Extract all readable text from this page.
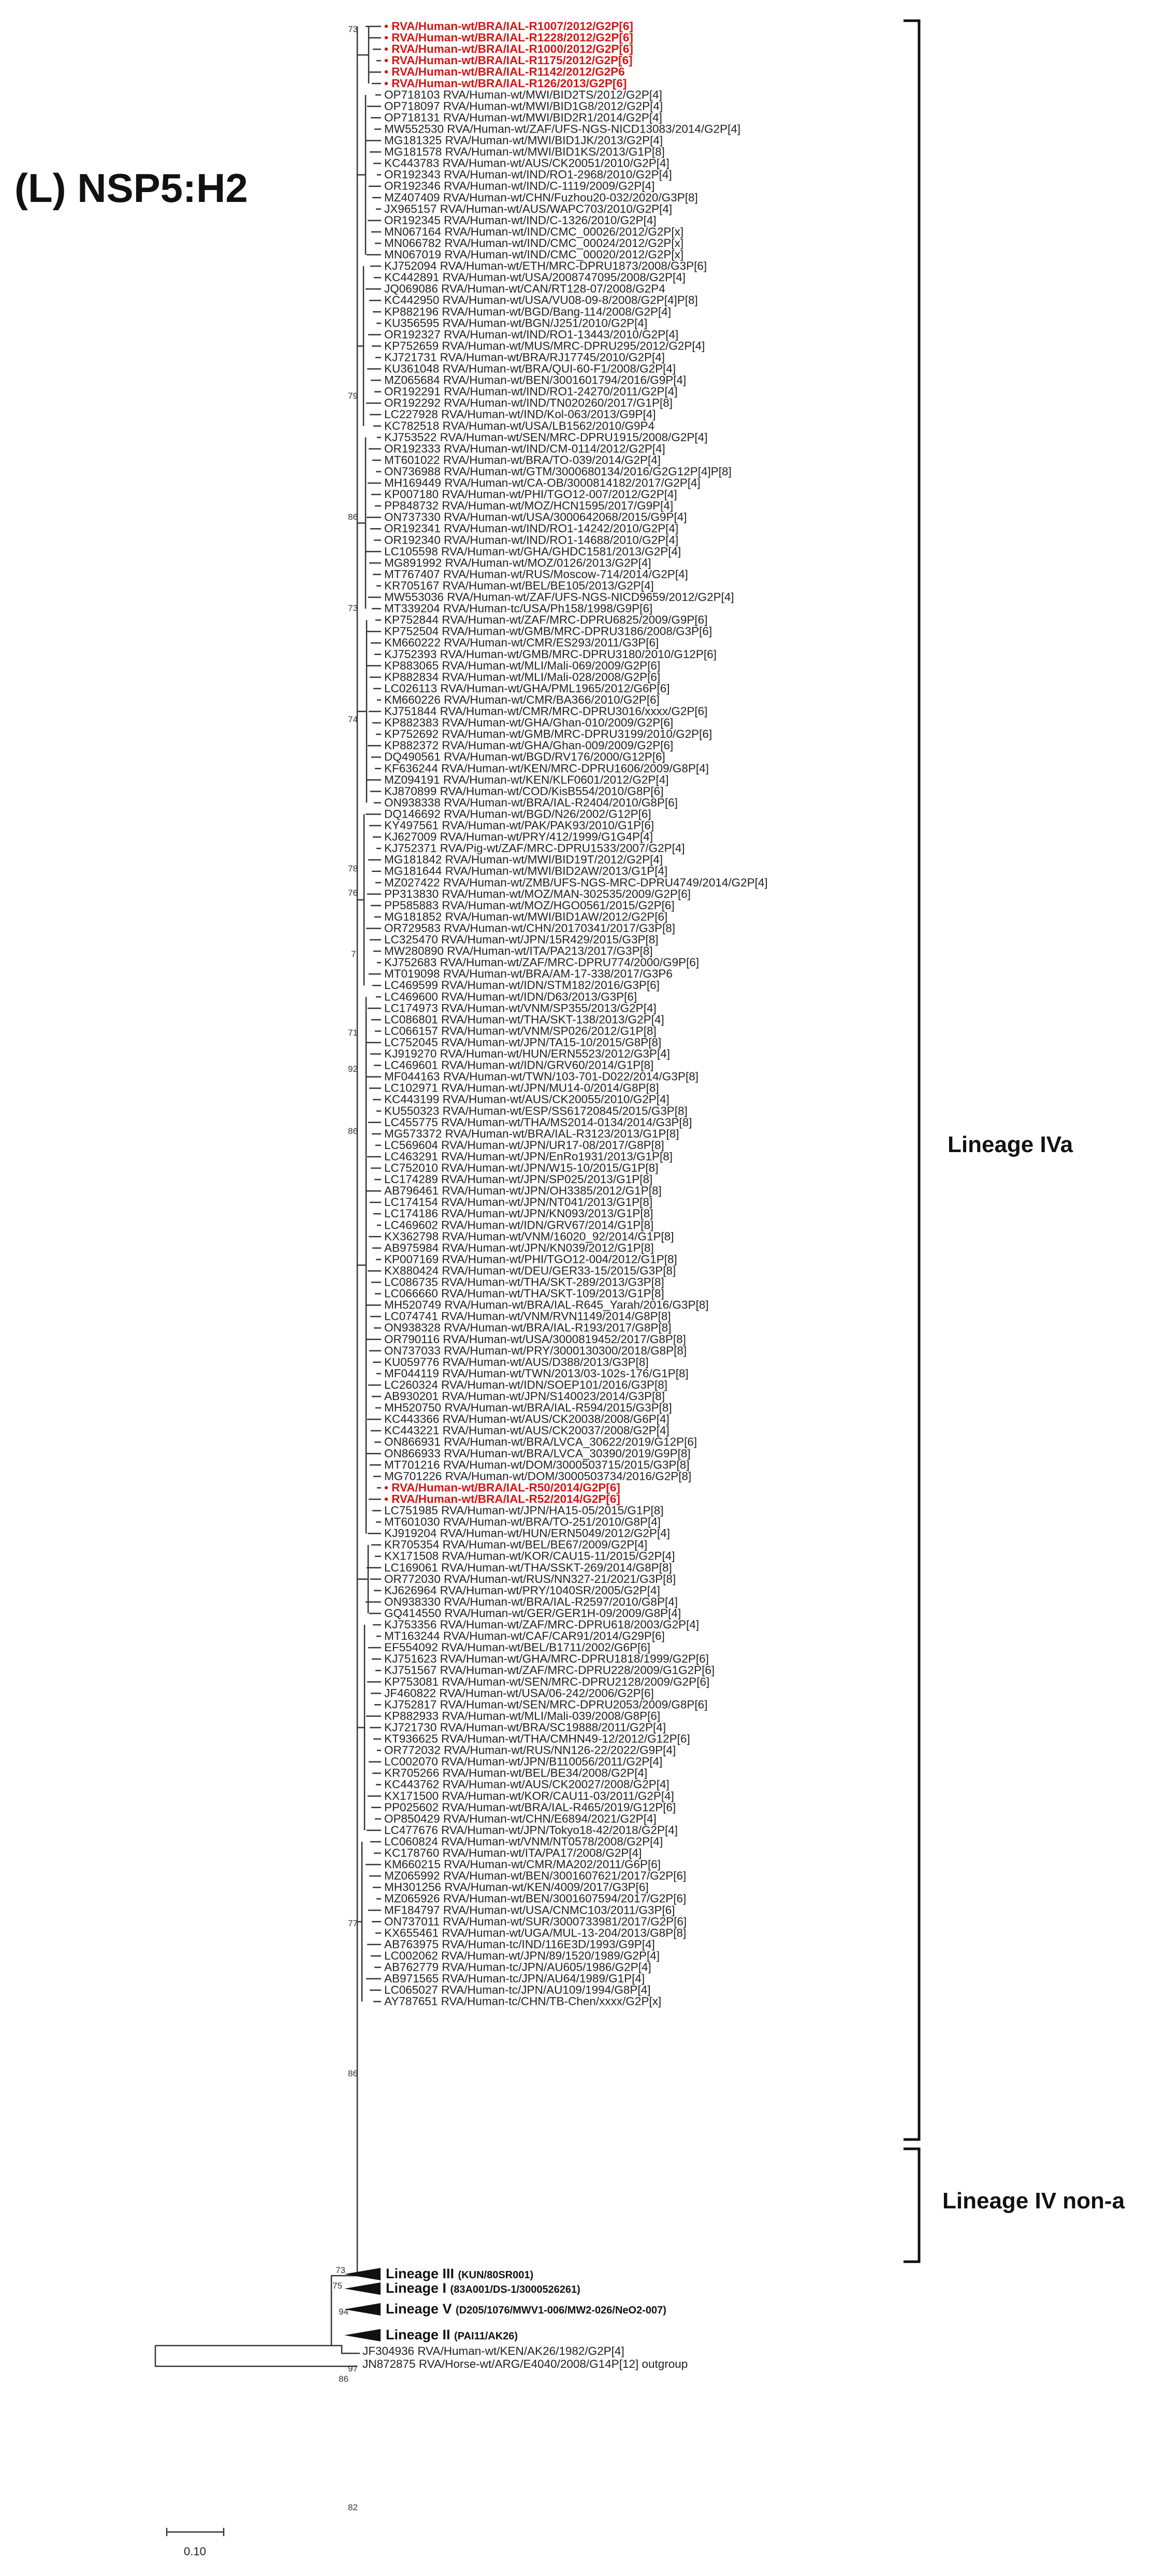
(L) NSP5:H2
• RVA/Human-wt/BRA/IAL-R1007/2012/G2P[6]
• RVA/Human-wt/BRA/IAL-R1228/2012/G2P[6]
• RVA/Human-wt/BRA/IAL-R1000/2012/G2P[6]
• RVA/Human-wt/BRA/IAL-R1175/2012/G2P[6]
• RVA/Human-wt/BRA/IAL-R1142/2012/G2P6
• RVA/Human-wt/BRA/IAL-R126/2013/G2P[6]
OP718103 RVA/Human-wt/MWI/BID2TS/2012/G2P[4]
OP718097 RVA/Human-wt/MWI/BID1G8/2012/G2P[4]
OP718131 RVA/Human-wt/MWI/BID2R1/2014/G2P[4]
MW552530 RVA/Human-wt/ZAF/UFS-NGS-NICD13083/2014/G2P[4]
MG181325 RVA/Human-wt/MWI/BID1JK/2013/G2P[4]
MG181578 RVA/Human-wt/MWI/BID1KS/2013/G1P[8]
KC443783 RVA/Human-wt/AUS/CK20051/2010/G2P[4]
OR192343 RVA/Human-wt/IND/RO1-2968/2010/G2P[4]
OR192346 RVA/Human-wt/IND/C-1119/2009/G2P[4]
MZ407409 RVA/Human-wt/CHN/Fuzhou20-032/2020/G3P[8]
JX965157 RVA/Human-wt/AUS/WAPC703/2010/G2P[4]
OR192345 RVA/Human-wt/IND/C-1326/2010/G2P[4]
MN067164 RVA/Human-wt/IND/CMC_00026/2012/G2P[x]
MN066782 RVA/Human-wt/IND/CMC_00024/2012/G2P[x]
MN067019 RVA/Human-wt/IND/CMC_00020/2012/G2P[x]
KJ752094 RVA/Human-wt/ETH/MRC-DPRU1873/2008/G3P[6]
KC442891 RVA/Human-wt/USA/2008747095/2008/G2P[4]
JQ069086 RVA/Human-wt/CAN/RT128-07/2008/G2P4
KC442950 RVA/Human-wt/USA/VU08-09-8/2008/G2P[4]P[8]
KP882196 RVA/Human-wt/BGD/Bang-114/2008/G2P[4]
KU356595 RVA/Human-wt/BGN/J251/2010/G2P[4]
OR192327 RVA/Human-wt/IND/RO1-13443/2010/G2P[4]
KP752659 RVA/Human-wt/MUS/MRC-DPRU295/2012/G2P[4]
KJ721731 RVA/Human-wt/BRA/RJ17745/2010/G2P[4]
KU361048 RVA/Human-wt/BRA/QUI-60-F1/2008/G2P[4]
MZ065684 RVA/Human-wt/BEN/3001601794/2016/G9P[4]
OR192291 RVA/Human-wt/IND/RO1-24270/2011/G2P[4]
OR192292 RVA/Human-wt/IND/TN020260/2017/G1P[8]
LC227928 RVA/Human-wt/IND/Kol-063/2013/G9P[4]
KC782518 RVA/Human-wt/USA/LB1562/2010/G9P4
KJ753522 RVA/Human-wt/SEN/MRC-DPRU1915/2008/G2P[4]
OR192333 RVA/Human-wt/IND/CM-0114/2012/G2P[4]
MT601022 RVA/Human-wt/BRA/TO-039/2014/G2P[4]
ON736988 RVA/Human-wt/GTM/3000680134/2016/G2G12P[4]P[8]
MH169449 RVA/Human-wt/CA-OB/3000814182/2017/G2P[4]
KP007180 RVA/Human-wt/PHI/TGO12-007/2012/G2P[4]
PP848732 RVA/Human-wt/MOZ/HCN1595/2017/G9P[4]
ON737330 RVA/Human-wt/USA/3000642068/2015/G9P[4]
OR192341 RVA/Human-wt/IND/RO1-14242/2010/G2P[4]
OR192340 RVA/Human-wt/IND/RO1-14688/2010/G2P[4]
LC105598 RVA/Human-wt/GHA/GHDC1581/2013/G2P[4]
MG891992 RVA/Human-wt/MOZ/0126/2013/G2P[4]
MT767407 RVA/Human-wt/RUS/Moscow-714/2014/G2P[4]
KR705167 RVA/Human-wt/BEL/BE105/2013/G2P[4]
MW553036 RVA/Human-wt/ZAF/UFS-NGS-NICD9659/2012/G2P[4]
MT339204 RVA/Human-tc/USA/Ph158/1998/G9P[6]
KP752844 RVA/Human-wt/ZAF/MRC-DPRU6825/2009/G9P[6]
KP752504 RVA/Human-wt/GMB/MRC-DPRU3186/2008/G3P[6]
KM660222 RVA/Human-wt/CMR/ES293/2011/G3P[6]
KJ752393 RVA/Human-wt/GMB/MRC-DPRU3180/2010/G12P[6]
KP883065 RVA/Human-wt/MLI/Mali-069/2009/G2P[6]
KP882834 RVA/Human-wt/MLI/Mali-028/2008/G2P[6]
LC026113 RVA/Human-wt/GHA/PML1965/2012/G6P[6]
KM660226 RVA/Human-wt/CMR/BA366/2010/G2P[6]
KJ751844 RVA/Human-wt/CMR/MRC-DPRU3016/xxxx/G2P[6]
KP882383 RVA/Human-wt/GHA/Ghan-010/2009/G2P[6]
KP752692 RVA/Human-wt/GMB/MRC-DPRU3199/2010/G2P[6]
KP882372 RVA/Human-wt/GHA/Ghan-009/2009/G2P[6]
DQ490561 RVA/Human-wt/BGD/RV176/2000/G12P[6]
KF636244 RVA/Human-wt/KEN/MRC-DPRU1606/2009/G8P[4]
MZ094191 RVA/Human-wt/KEN/KLF0601/2012/G2P[4]
KJ870899 RVA/Human-wt/COD/KisB554/2010/G8P[6]
ON938338 RVA/Human-wt/BRA/IAL-R2404/2010/G8P[6]
DQ146692 RVA/Human-wt/BGD/N26/2002/G12P[6]
KY497561 RVA/Human-wt/PAK/PAK93/2010/G1P[6]
KJ627009 RVA/Human-wt/PRY/412/1999/G1G4P[4]
KJ752371 RVA/Pig-wt/ZAF/MRC-DPRU1533/2007/G2P[4]
MG181842 RVA/Human-wt/MWI/BID19T/2012/G2P[4]
MG181644 RVA/Human-wt/MWI/BID2AW/2013/G1P[4]
MZ027422 RVA/Human-wt/ZMB/UFS-NGS-MRC-DPRU4749/2014/G2P[4]
PP313830 RVA/Human-wt/MOZ/MAN-302535/2009/G2P[6]
PP585883 RVA/Human-wt/MOZ/HGO0561/2015/G2P[6]
MG181852 RVA/Human-wt/MWI/BID1AW/2012/G2P[6]
OR729583 RVA/Human-wt/CHN/20170341/2017/G3P[8]
LC325470 RVA/Human-wt/JPN/15R429/2015/G3P[8]
MW280890 RVA/Human-wt/ITA/PA213/2017/G3P[8]
KJ752683 RVA/Human-wt/ZAF/MRC-DPRU774/2000/G9P[6]
MT019098 RVA/Human-wt/BRA/AM-17-338/2017/G3P6
LC469599 RVA/Human-wt/IDN/STM182/2016/G3P[6]
LC469600 RVA/Human-wt/IDN/D63/2013/G3P[6]
LC174973 RVA/Human-wt/VNM/SP355/2013/G2P[4]
LC086801 RVA/Human-wt/THA/SKT-138/2013/G2P[4]
LC066157 RVA/Human-wt/VNM/SP026/2012/G1P[8]
LC752045 RVA/Human-wt/JPN/TA15-10/2015/G8P[8]
KJ919270 RVA/Human-wt/HUN/ERN5523/2012/G3P[4]
LC469601 RVA/Human-wt/IDN/GRV60/2014/G1P[8]
MF044163 RVA/Human-wt/TWN/103-701-D022/2014/G3P[8]
LC102971 RVA/Human-wt/JPN/MU14-0/2014/G8P[8]
KC443199 RVA/Human-wt/AUS/CK20055/2010/G2P[4]
KU550323 RVA/Human-wt/ESP/SS61720845/2015/G3P[8]
LC455775 RVA/Human-wt/THA/MS2014-0134/2014/G3P[8]
MG573372 RVA/Human-wt/BRA/IAL-R3123/2013/G1P[8]
LC569604 RVA/Human-wt/JPN/UR17-08/2017/G8P[8]
LC463291 RVA/Human-wt/JPN/EnRo1931/2013/G1P[8]
LC752010 RVA/Human-wt/JPN/W15-10/2015/G1P[8]
LC174289 RVA/Human-wt/JPN/SP025/2013/G1P[8]
AB796461 RVA/Human-wt/JPN/OH3385/2012/G1P[8]
LC174154 RVA/Human-wt/JPN/NT041/2013/G1P[8]
LC174186 RVA/Human-wt/JPN/KN093/2013/G1P[8]
LC469602 RVA/Human-wt/IDN/GRV67/2014/G1P[8]
KX362798 RVA/Human-wt/VNM/16020_92/2014/G1P[8]
AB975984 RVA/Human-wt/JPN/KN039/2012/G1P[8]
KP007169 RVA/Human-wt/PHI/TGO12-004/2012/G1P[8]
KX880424 RVA/Human-wt/DEU/GER33-15/2015/G3P[8]
LC086735 RVA/Human-wt/THA/SKT-289/2013/G3P[8]
LC066660 RVA/Human-wt/THA/SKT-109/2013/G1P[8]
MH520749 RVA/Human-wt/BRA/IAL-R645_Yarah/2016/G3P[8]
LC074741 RVA/Human-wt/VNM/RVN1149/2014/G8P[8]
ON938328 RVA/Human-wt/BRA/IAL-R193/2017/G8P[8]
OR790116 RVA/Human-wt/USA/3000819452/2017/G8P[8]
ON737033 RVA/Human-wt/PRY/3000130300/2018/G8P[8]
KU059776 RVA/Human-wt/AUS/D388/2013/G3P[8]
MF044119 RVA/Human-wt/TWN/2013/03-102s-176/G1P[8]
LC260324 RVA/Human-wt/IDN/SOEP101/2016/G3P[8]
AB930201 RVA/Human-wt/JPN/S140023/2014/G3P[8]
MH520750 RVA/Human-wt/BRA/IAL-R594/2015/G3P[8]
KC443366 RVA/Human-wt/AUS/CK20038/2008/G6P[4]
KC443221 RVA/Human-wt/AUS/CK20037/2008/G2P[4]
ON866931 RVA/Human-wt/BRA/LVCA_30622/2019/G12P[6]
ON866933 RVA/Human-wt/BRA/LVCA_30390/2019/G9P[8]
MT701216 RVA/Human-wt/DOM/3000503715/2015/G3P[8]
MG701226 RVA/Human-wt/DOM/3000503734/2016/G2P[8]
• RVA/Human-wt/BRA/IAL-R50/2014/G2P[6]
• RVA/Human-wt/BRA/IAL-R52/2014/G2P[6]
LC751985 RVA/Human-wt/JPN/HA15-05/2015/G1P[8]
MT601030 RVA/Human-wt/BRA/TO-251/2010/G8P[4]
KJ919204 RVA/Human-wt/HUN/ERN5049/2012/G2P[4]
KR705354 RVA/Human-wt/BEL/BE67/2009/G2P[4]
KX171508 RVA/Human-wt/KOR/CAU15-11/2015/G2P[4]
LC169061 RVA/Human-wt/THA/SSKT-269/2014/G8P[8]
OR772030 RVA/Human-wt/RUS/NN327-21/2021/G3P[8]
KJ626964 RVA/Human-wt/PRY/1040SR/2005/G2P[4]
ON938330 RVA/Human-wt/BRA/IAL-R2597/2010/G8P[4]
GQ414550 RVA/Human-wt/GER/GER1H-09/2009/G8P[4]
KJ753356 RVA/Human-wt/ZAF/MRC-DPRU618/2003/G2P[4]
MT163244 RVA/Human-wt/CAF/CAR91/2014/G29P[6]
EF554092 RVA/Human-wt/BEL/B1711/2002/G6P[6]
KJ751623 RVA/Human-wt/GHA/MRC-DPRU1818/1999/G2P[6]
KJ751567 RVA/Human-wt/ZAF/MRC-DPRU228/2009/G1G2P[6]
KP753081 RVA/Human-wt/SEN/MRC-DPRU2128/2009/G2P[6]
JF460822 RVA/Human-wt/USA/06-242/2006/G2P[6]
KJ752817 RVA/Human-wt/SEN/MRC-DPRU2053/2009/G8P[6]
KP882933 RVA/Human-wt/MLI/Mali-039/2008/G8P[6]
KJ721730 RVA/Human-wt/BRA/SC19888/2011/G2P[4]
KT936625 RVA/Human-wt/THA/CMHN49-12/2012/G12P[6]
OR772032 RVA/Human-wt/RUS/NN126-22/2022/G9P[4]
LC002070 RVA/Human-wt/JPN/B110056/2011/G2P[4]
KR705266 RVA/Human-wt/BEL/BE34/2008/G2P[4]
KC443762 RVA/Human-wt/AUS/CK20027/2008/G2P[4]
KX171500 RVA/Human-wt/KOR/CAU11-03/2011/G2P[4]
PP025602 RVA/Human-wt/BRA/IAL-R465/2019/G12P[6]
OP850429 RVA/Human-wt/CHN/E6894/2021/G2P[4]
LC477676 RVA/Human-wt/JPN/Tokyo18-42/2018/G2P[4]
LC060824 RVA/Human-wt/VNM/NT0578/2008/G2P[4]
KC178760 RVA/Human-wt/ITA/PA17/2008/G2P[4]
KM660215 RVA/Human-wt/CMR/MA202/2011/G6P[6]
MZ065992 RVA/Human-wt/BEN/3001607621/2017/G2P[6]
MH301256 RVA/Human-wt/KEN/4009/2017/G3P[6]
MZ065926 RVA/Human-wt/BEN/3001607594/2017/G2P[6]
MF184797 RVA/Human-wt/USA/CNMC103/2011/G3P[6]
ON737011 RVA/Human-wt/SUR/3000733981/2017/G2P[6]
KX655461 RVA/Human-wt/UGA/MUL-13-204/2013/G8P[8]
AB763975 RVA/Human-tc/IND/116E3D/1993/G9P[4]
LC002062 RVA/Human-wt/JPN/89/1520/1989/G2P[4]
AB762779 RVA/Human-tc/JPN/AU605/1986/G2P[4]
AB971565 RVA/Human-tc/JPN/AU64/1989/G1P[4]
LC065027 RVA/Human-tc/JPN/AU109/1994/G8P[4]
AY787651 RVA/Human-tc/CHN/TB-Chen/xxxx/G2P[x]
JF304936 RVA/Human-wt/KEN/AK26/1982/G2P[4]
JN872875 RVA/Horse-wt/ARG/E4040/2008/G14P[12] outgroup
73
79
86
73
74
78
76
7
71
92
86
77
86
97
82
73
75
94
86
Lineage III (KUN/80SR001)
Lineage I (83A001/DS-1/3000526261)
Lineage V (D205/1076/MWV1-006/MW2-026/NeO2-007)
Lineage II (PAI11/AK26)
Lineage IVa
Lineage IV non-a
0.10
